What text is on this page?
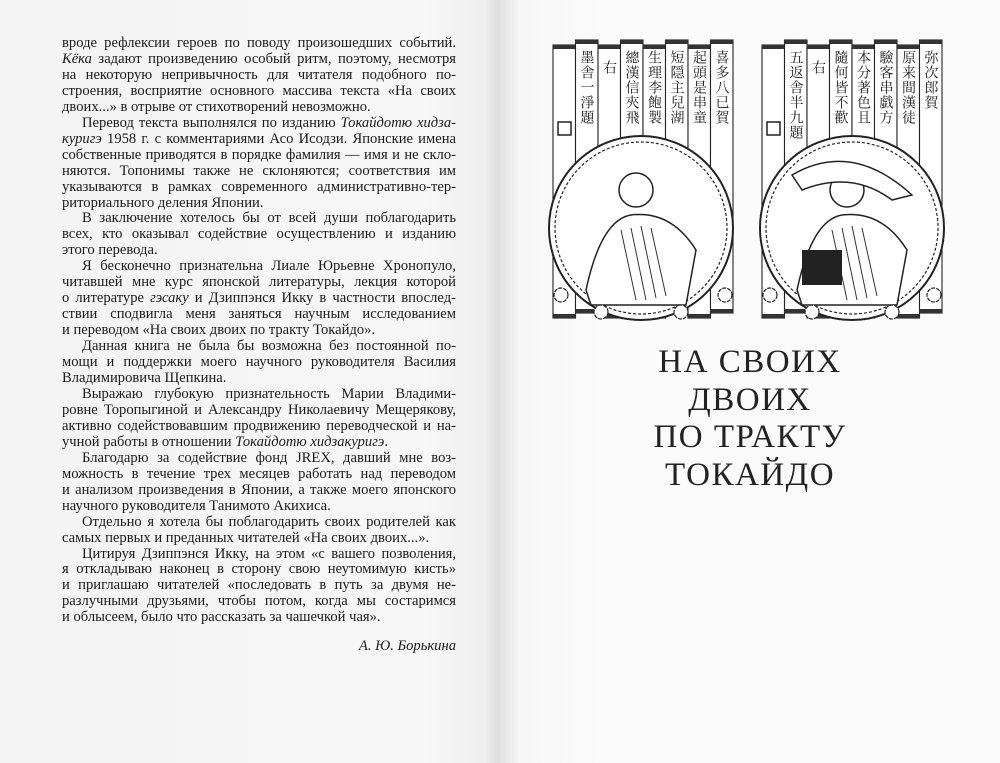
вроде рефлексии героев по поводу произошедших событий.
Кёка задают произведению особый ритм, поэтому, несмотря
на некоторую непривычность для читателя подобного по-
строения, восприятие основного массива текста «На своих
двоих...» в отрыве от стихотворений невозможно.
Перевод текста выполнялся по изданию Токайдотю хидза-
куригэ 1958 г. с комментариями Асо Исодзи. Японские имена
собственные приводятся в порядке фамилия — имя и не скло-
няются. Топонимы также не склоняются; соответствия им
указываются в рамках современного административно-тер-
риториального деления Японии.
В заключение хотелось бы от всей души поблагодарить
всех, кто оказывал содействие осуществлению и изданию
этого перевода.
Я бесконечно признательна Лиале Юрьевне Хронопуло,
читавшей мне курс японской литературы, лекция которой
о литературе гэсаку и Дзиппэнся Икку в частности впослед-
ствии сподвигла меня заняться научным исследованием
и переводом «На своих двоих по тракту Токайдо».
Данная книга не была бы возможна без постоянной по-
мощи и поддержки моего научного руководителя Василия
Владимировича Щепкина.
Выражаю глубокую признательность Марии Владими-
ровне Торопыгиной и Александру Николаевичу Мещерякову,
активно содействовавшим продвижению переводческой и на-
учной работы в отношении Токайдотю хидзакуригэ.
Благодарю за содействие фонд JREX, давший мне воз-
можность в течение трех месяцев работать над переводом
и анализом произведения в Японии, а также моего японского
научного руководителя Танимото Акихиса.
Отдельно я хотела бы поблагодарить своих родителей как
самых первых и преданных читателей «На своих двоих...».
Цитируя Дзиппэнся Икку, на этом «с вашего позволения,
я откладываю наконец в сторону свою неутомимую кисть»
и приглашаю читателей «последовать в путь за двумя не-
разлучными друзьями, чтобы потом, когда мы состаримся
и облысеем, было что рассказать за чашечкой чая».
А. Ю. Борькина
喜多八已賀
起頭是串童
短隠主兒湖
生理李飽製
總漢信夾飛
右
墨舎一淨題	弥次郎賀
原来間漢徒
驗客串戯方
本分著色且
隨何皆不歡
右
五返舎半九題
НА СВОИХ
ДВОИХ
ПО ТРАКТУ
ТОКАЙДО
